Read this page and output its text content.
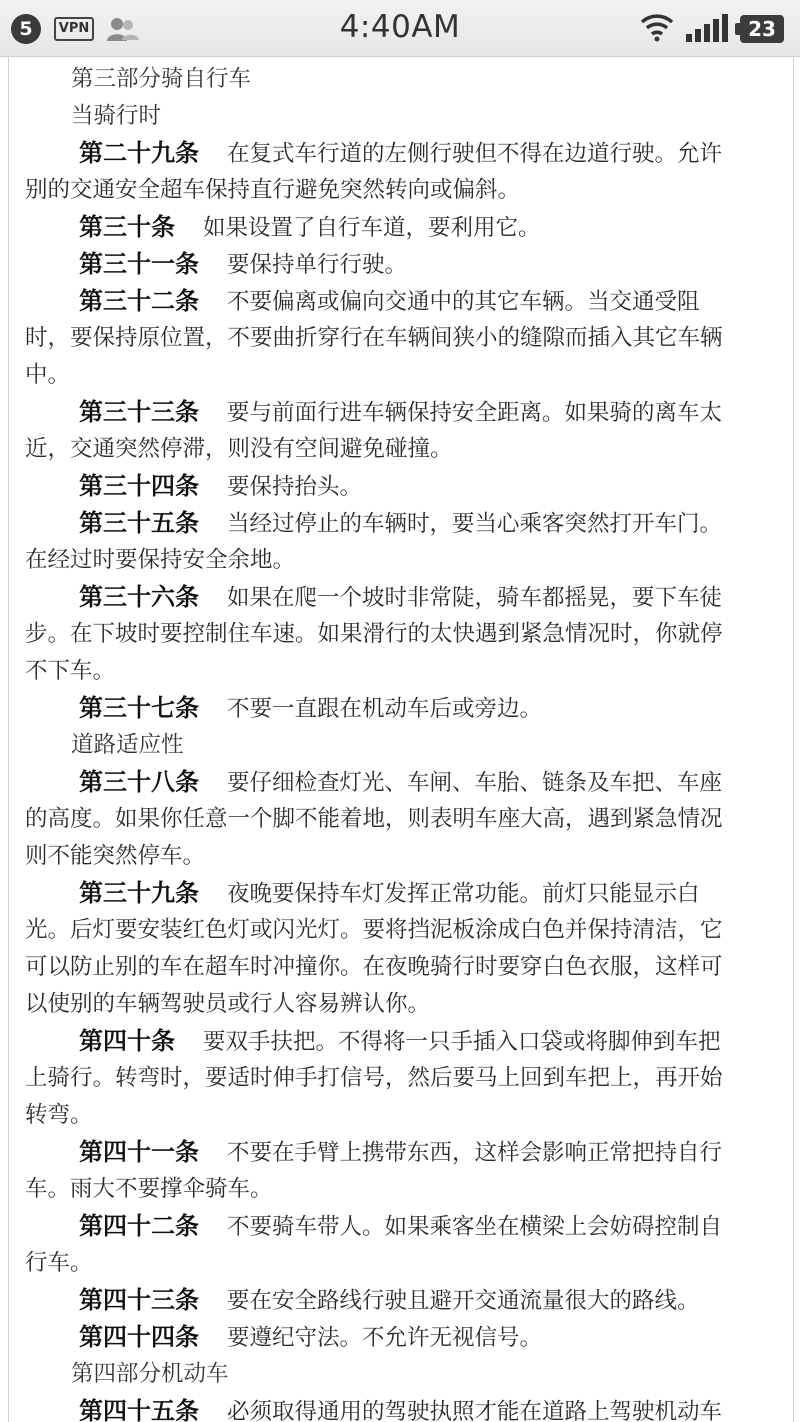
5	VPN	4:40AM	23
第三部分骑自行车
当骑行时
第二十九条 在复式车行道的左侧行驶但不得在边道行驶。允许
别的交通安全超车保持直行避免突然转向或偏斜。
第三十条 如果设置了自行车道，要利用它。
第三十一条 要保持单行行驶。
第三十二条 不要偏离或偏向交通中的其它车辆。当交通受阻
时，要保持原位置，不要曲折穿行在车辆间狭小的缝隙而插入其它车辆
中。
第三十三条 要与前面行进车辆保持安全距离。如果骑的离车太
近，交通突然停滞，则没有空间避免碰撞。
第三十四条 要保持抬头。
第三十五条 当经过停止的车辆时，要当心乘客突然打开车门。
在经过时要保持安全余地。
第三十六条 如果在爬一个坡时非常陡，骑车都摇晃，要下车徒
步。在下坡时要控制住车速。如果滑行的太快遇到紧急情况时，你就停
不下车。
第三十七条 不要一直跟在机动车后或旁边。
道路适应性
第三十八条 要仔细检查灯光、车闸、车胎、链条及车把、车座
的高度。如果你任意一个脚不能着地，则表明车座大高，遇到紧急情况
则不能突然停车。
第三十九条 夜晚要保持车灯发挥正常功能。前灯只能显示白
光。后灯要安装红色灯或闪光灯。要将挡泥板涂成白色并保持清洁，它
可以防止别的车在超车时冲撞你。在夜晚骑行时要穿白色衣服，这样可
以使别的车辆驾驶员或行人容易辨认你。
第四十条 要双手扶把。不得将一只手插入口袋或将脚伸到车把
上骑行。转弯时，要适时伸手打信号，然后要马上回到车把上，再开始
转弯。
第四十一条 不要在手臂上携带东西，这样会影响正常把持自行
车。雨大不要撑伞骑车。
第四十二条 不要骑车带人。如果乘客坐在横梁上会妨碍控制自
行车。
第四十三条 要在安全路线行驶且避开交通流量很大的路线。
第四十四条 要遵纪守法。不允许无视信号。
第四部分机动车
第四十五条 必须取得通用的驾驶执照才能在道路上驾驶机动车
